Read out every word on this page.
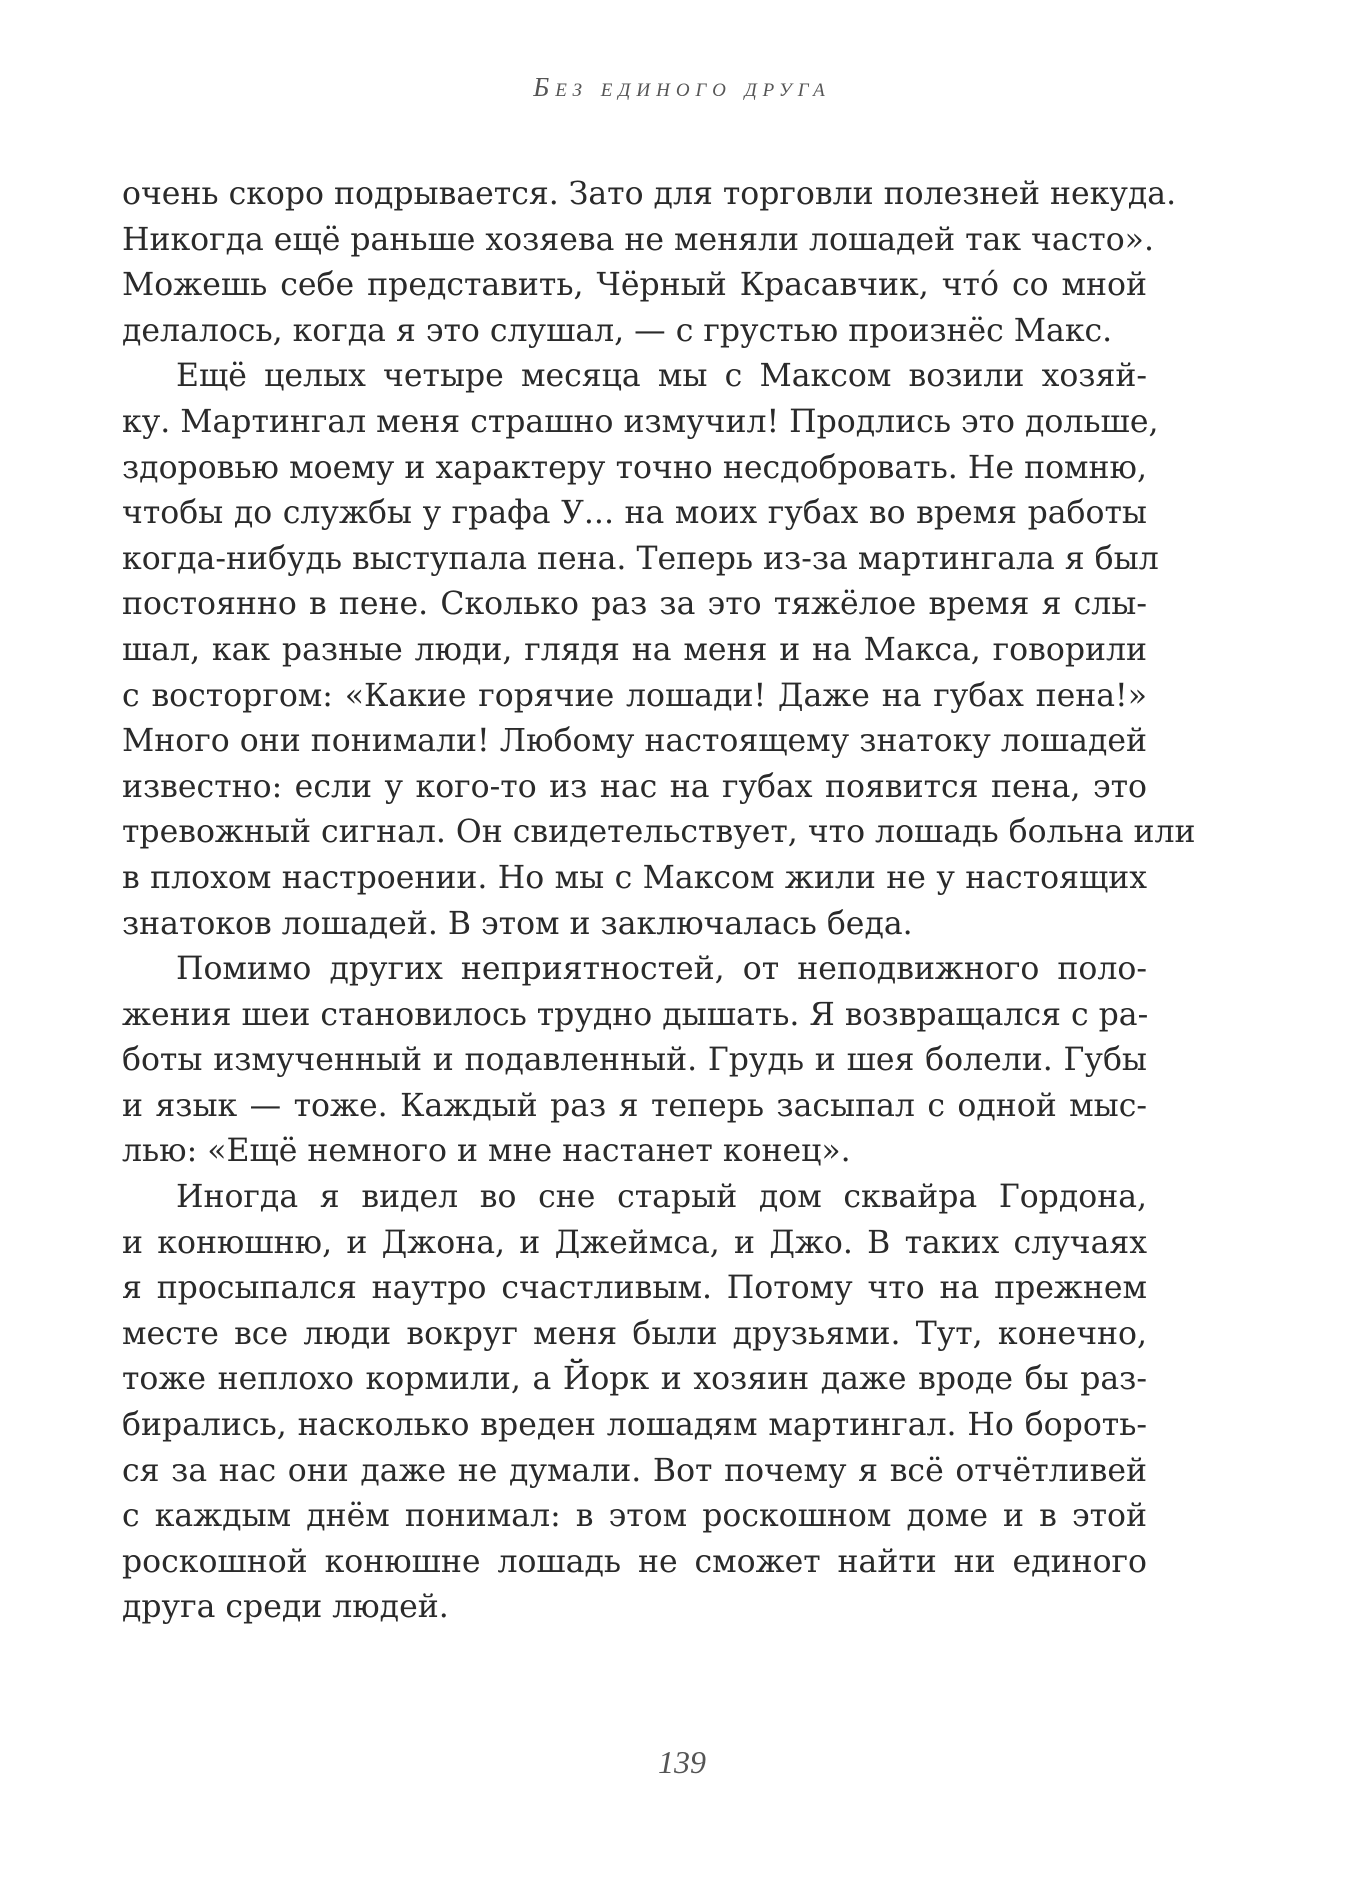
Без единого друга
очень скоро подрывается. Зато для торговли полезней некуда.
Никогда ещё раньше хозяева не меняли лошадей так часто».
Можешь себе представить, Чёрный Красавчик, что́ со мной
делалось, когда я это слушал, — с грустью произнёс Макс.
Ещё целых четыре месяца мы с Максом возили хозяй-
ку. Мартингал меня страшно измучил! Продлись это дольше,
здоровью моему и характеру точно несдобровать. Не помню,
чтобы до службы у графа У... на моих губах во время работы
когда-нибудь выступала пена. Теперь из-за мартингала я был
постоянно в пене. Сколько раз за это тяжёлое время я слы-
шал, как разные люди, глядя на меня и на Макса, говорили
с восторгом: «Какие горячие лошади! Даже на губах пена!»
Много они понимали! Любому настоящему знатоку лошадей
известно: если у кого-то из нас на губах появится пена, это
тревожный сигнал. Он свидетельствует, что лошадь больна или
в плохом настроении. Но мы с Максом жили не у настоящих
знатоков лошадей. В этом и заключалась беда.
Помимо других неприятностей, от неподвижного поло-
жения шеи становилось трудно дышать. Я возвращался с ра-
боты измученный и подавленный. Грудь и шея болели. Губы
и язык — тоже. Каждый раз я теперь засыпал с одной мыс-
лью: «Ещё немного и мне настанет конец».
Иногда я видел во сне старый дом сквайра Гордона,
и конюшню, и Джона, и Джеймса, и Джо. В таких случаях
я просыпался наутро счастливым. Потому что на прежнем
месте все люди вокруг меня были друзьями. Тут, конечно,
тоже неплохо кормили, а Йорк и хозяин даже вроде бы раз-
бирались, насколько вреден лошадям мартингал. Но бороть-
ся за нас они даже не думали. Вот почему я всё отчётливей
с каждым днём понимал: в этом роскошном доме и в этой
роскошной конюшне лошадь не сможет найти ни единого
друга среди людей.
139
